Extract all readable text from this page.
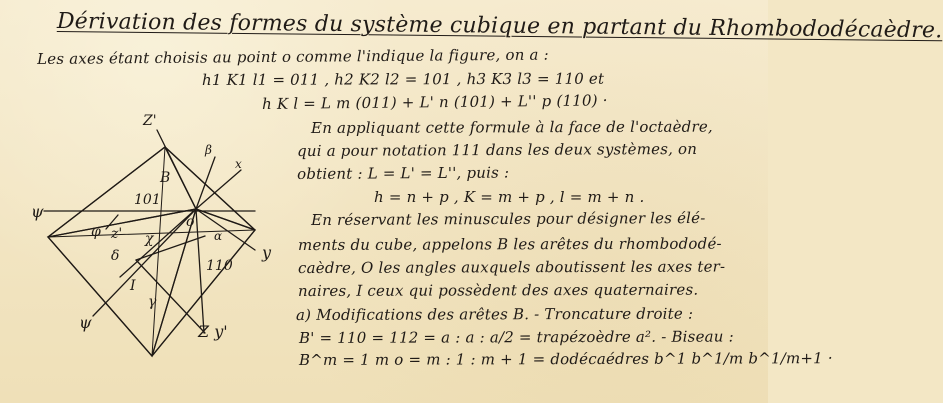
Dérivation des formes du système cubique en partant du Rhombododécaèdre.
Les axes étant choisis au point o comme l'indique la figure, on a :
h1 K1 l1 = 011 , h2 K2 l2 = 101 , h3 K3 l3 = 110 et
h K l = L m (011) + L' n (101) + L'' p (110) ·
En appliquant cette formule à la face de l'octaèdre,
qui a pour notation 111 dans les deux systèmes, on
obtient : L = L' = L'', puis :
h = n + p , K = m + p , l = m + n .
En réservant les minuscules pour désigner les élé-
ments du cube, appelons B les arêtes du rhombododé-
caèdre, O les angles auxquels aboutissent les axes ter-
naires, I ceux qui possèdent des axes quaternaires.
a) Modifications des arêtes B. - Troncature droite :
B' = 110 = 112 = a : a : a/2 = trapézoèdre a². - Biseau :
B^m = 1 m o = m : 1 : m + 1 = dodécaédres b^1 b^1/m b^1/m+1 ·
Z'
β
x
B
101
z'
ψ
φ
δ
χ
o
α
110
I
γ
ψ
y
Z y'
